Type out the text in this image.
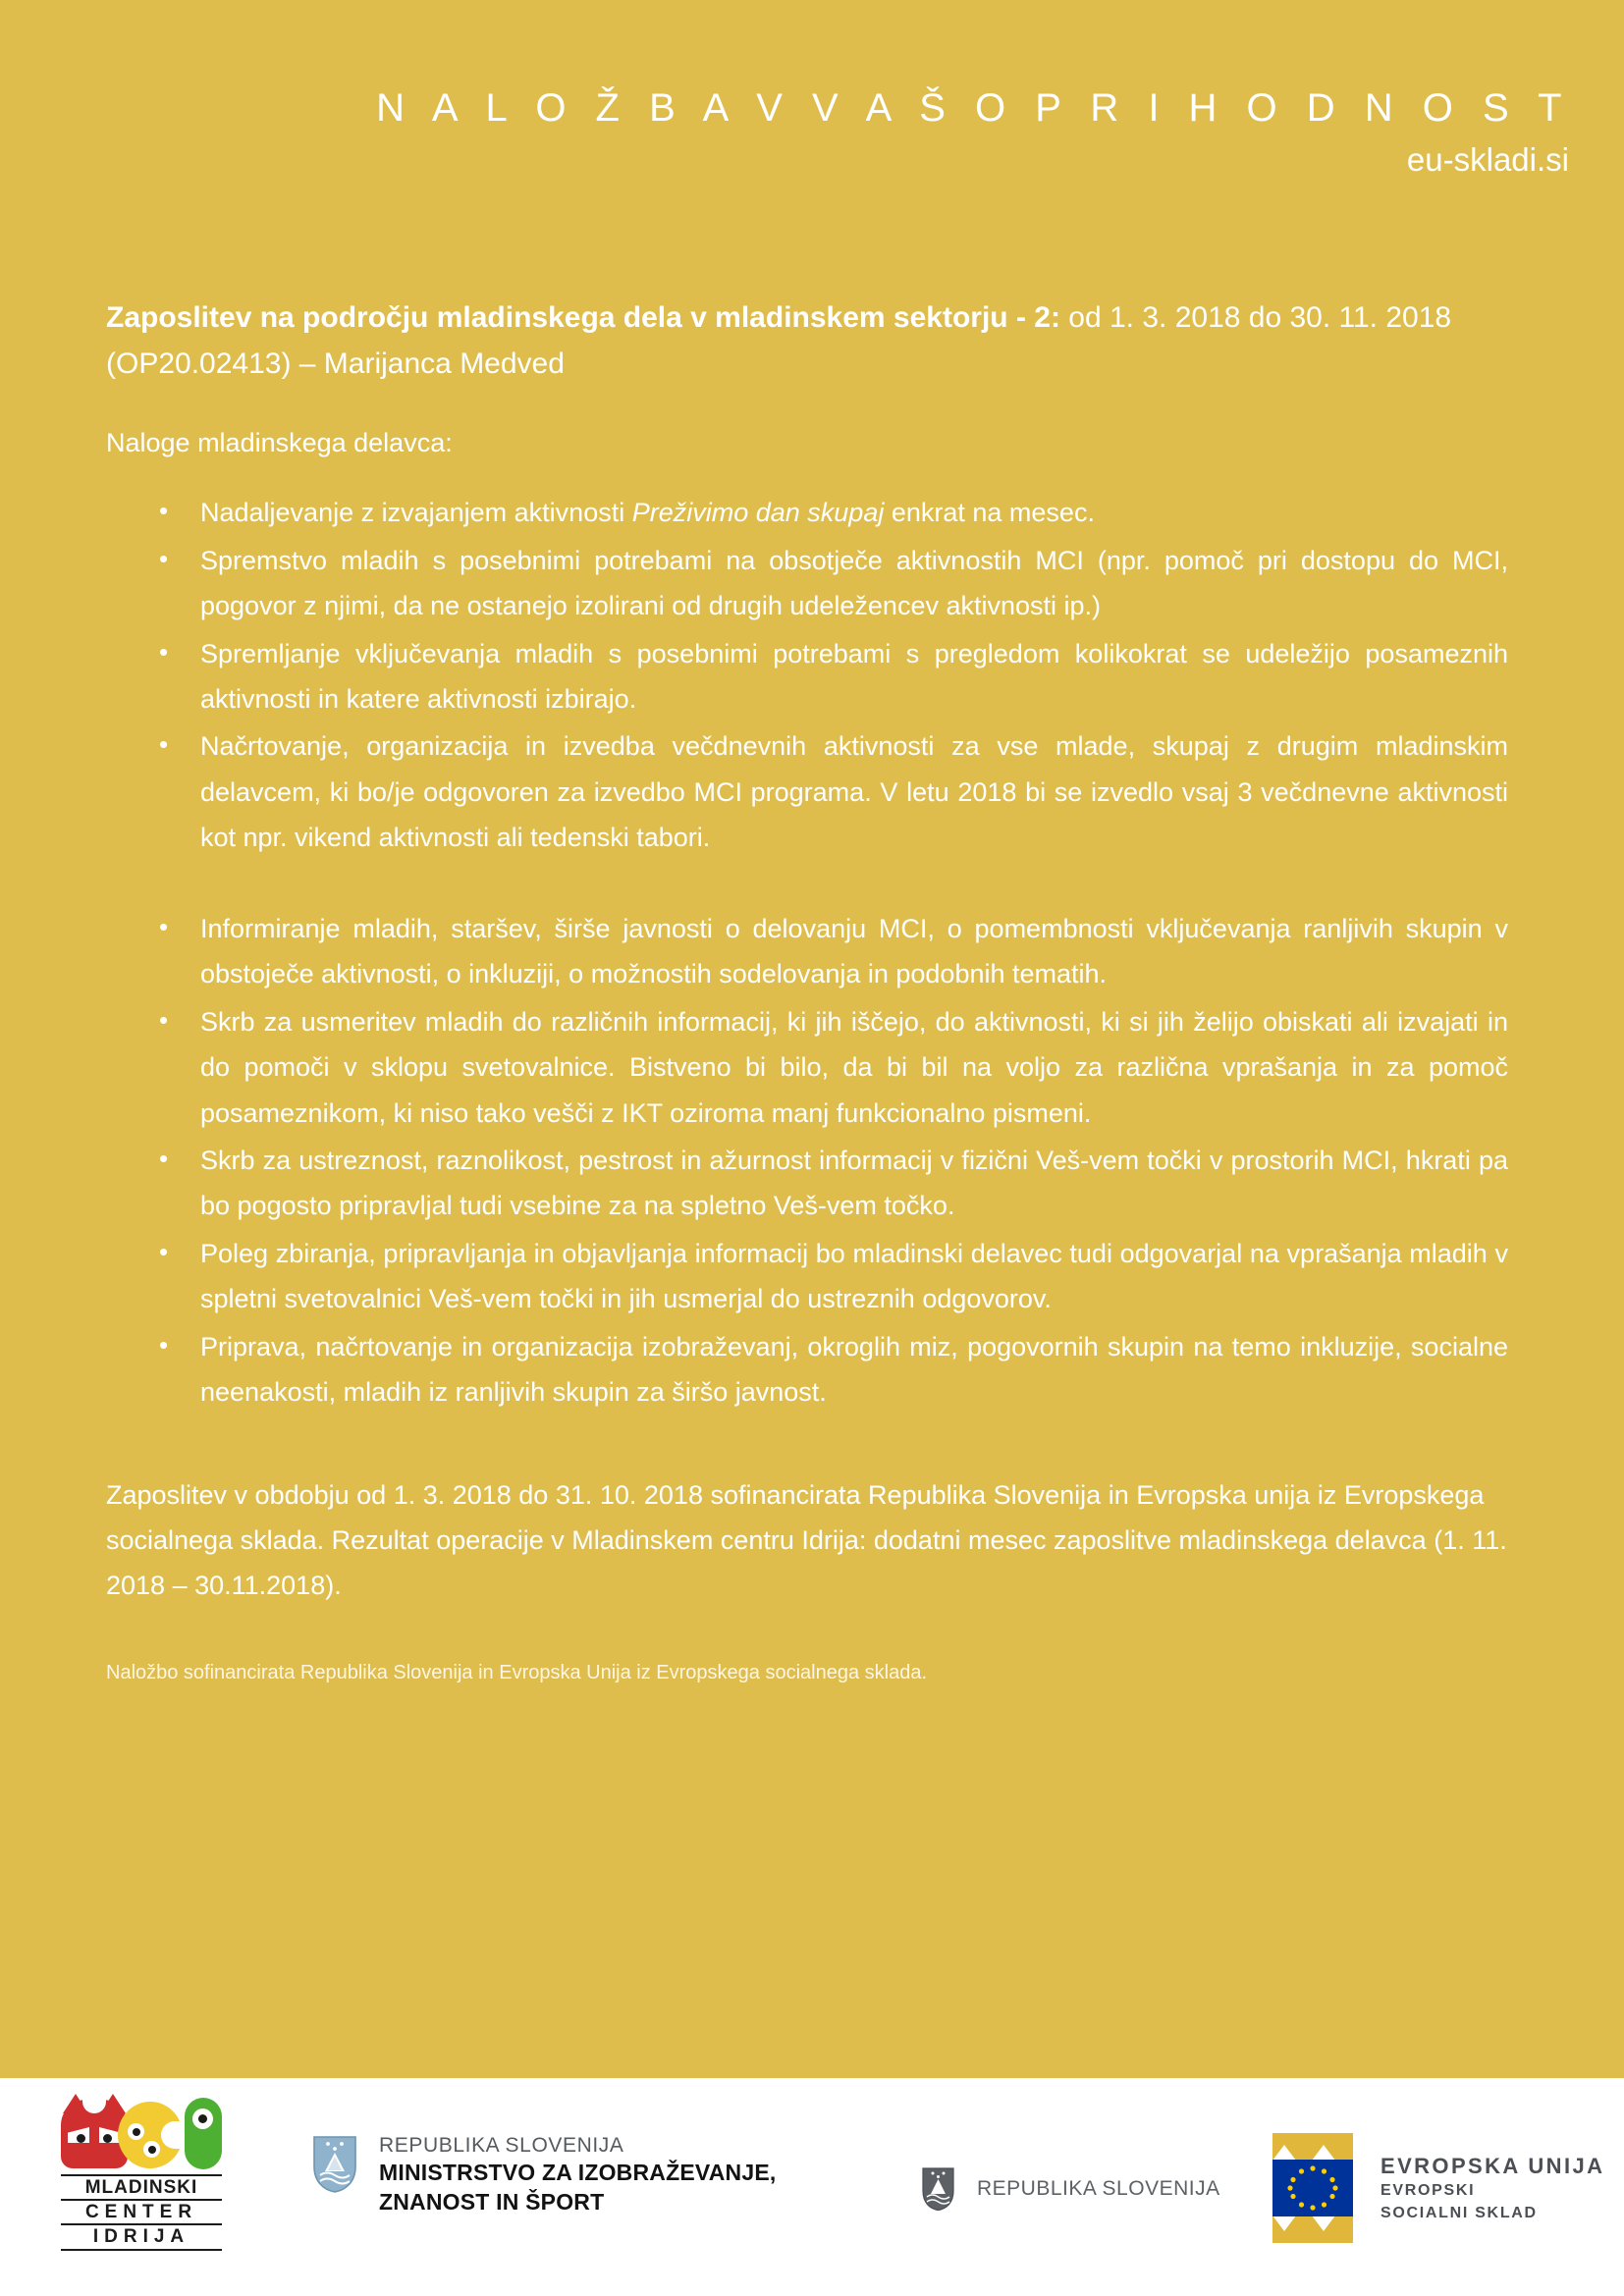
N A L O Ž B A V V A Š O P R I H O D N O S T
eu-skladi.si
Zaposlitev na področju mladinskega dela v mladinskem sektorju - 2: od 1. 3. 2018 do 30. 11. 2018 (OP20.02413) – Marijanca Medved
Naloge mladinskega delavca:
• Nadaljevanje z izvajanjem aktivnosti Preživimo dan skupaj enkrat na mesec.
• Spremstvo mladih s posebnimi potrebami na obsotječe aktivnostih MCI (npr. pomoč pri dostopu do MCI, pogovor z njimi, da ne ostanejo izolirani od drugih udeležencev aktivnosti ip.)
• Spremljanje vključevanja mladih s posebnimi potrebami s pregledom kolikokrat se udeležijo posameznih aktivnosti in katere aktivnosti izbirajo.
• Načrtovanje, organizacija in izvedba večdnevnih aktivnosti za vse mlade, skupaj z drugim mladinskim delavcem, ki bo/je odgovoren za izvedbo MCI programa. V letu 2018 bi se izvedlo vsaj 3 večdnevne aktivnosti kot npr. vikend aktivnosti ali tedenski tabori.
• Informiranje mladih, staršev, širše javnosti o delovanju MCI, o pomembnosti vključevanja ranljivih skupin v obstoječe aktivnosti, o inkluziji, o možnostih sodelovanja in podobnih tematih.
• Skrb za usmeritev mladih do različnih informacij, ki jih iščejo, do aktivnosti, ki si jih želijo obiskati ali izvajati in do pomoči v sklopu svetovalnice. Bistveno bi bilo, da bi bil na voljo za različna vprašanja in za pomoč posameznikom, ki niso tako vešči z IKT oziroma manj funkcionalno pismeni.
• Skrb za ustreznost, raznolikost, pestrost in ažurnost informacij v fizični Veš-vem točki v prostorih MCI, hkrati pa bo pogosto pripravljal tudi vsebine za na spletno Veš-vem točko.
• Poleg zbiranja, pripravljanja in objavljanja informacij bo mladinski delavec tudi odgovarjal na vprašanja mladih v spletni svetovalnici Veš-vem točki in jih usmerjal do ustreznih odgovorov.
• Priprava, načrtovanje in organizacija izobraževanj, okroglih miz, pogovornih skupin na temo inkluzije, socialne neenakosti, mladih iz ranljivih skupin za širšo javnost.
Zaposlitev v obdobju od 1. 3. 2018 do 31. 10. 2018 sofinancirata Republika Slovenija in Evropska unija iz Evropskega socialnega sklada. Rezultat operacije v Mladinskem centru Idrija: dodatni mesec zaposlitve mladinskega delavca (1. 11. 2018 – 30.11.2018).
Naložbo sofinancirata Republika Slovenija in Evropska Unija iz Evropskega socialnega sklada.
MLADINSKI
CENTER
IDRIJA
REPUBLIKA SLOVENIJA
MINISTRSTVO ZA IZOBRAŽEVANJE,
ZNANOST IN ŠPORT
REPUBLIKA SLOVENIJA
EVROPSKA UNIJA
EVROPSKI
SOCIALNI SKLAD
